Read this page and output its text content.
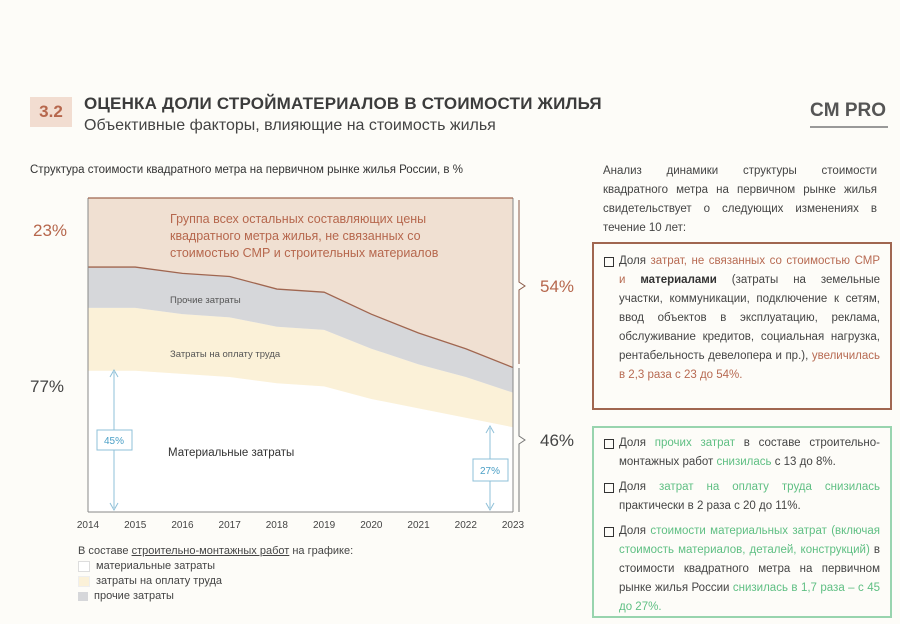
3.2	ОЦЕНКА ДОЛИ СТРОЙМАТЕРИАЛОВ В СТОИМОСТИ ЖИЛЬЯ
Объективные факторы, влияющие на стоимость жилья
CM PRO
Структура стоимости квадратного метра на первичном рынке жилья России, в %
23%
77%
54%
46%
Группа всех остальных составляющих цены
квадратного метра жилья, не связанных со
стоимостью СМР и строительных материалов
Прочие затраты
Затраты на оплату труда
Материальные затраты
45%
27%
2014 2015 2016 2017 2018 2019 2020 2021 2022 2023
В составе строительно-монтажных работ на графике:
материальные затраты
затраты на оплату труда
прочие затраты
Анализ динамики структуры стоимости квадратного метра на первичном рынке жилья свидетельствует о следующих изменениях в течение 10 лет:
Доля затрат, не связанных со стоимостью СМР и материалами (затраты на земельные участки, коммуникации, подключение к сетям, ввод объектов в эксплуатацию, реклама, обслуживание кредитов, социальная нагрузка, рентабельность девелопера и пр.), увеличилась в 2,3 раза с 23 до 54%.
Доля прочих затрат в составе строительно-монтажных работ снизилась с 13 до 8%.
Доля затрат на оплату труда снизилась практически в 2 раза с 20 до 11%.
Доля стоимости материальных затрат (включая стоимость материалов, деталей, конструкций) в стоимости квадратного метра на первичном рынке жилья России снизилась в 1,7 раза – с 45 до 27%.
